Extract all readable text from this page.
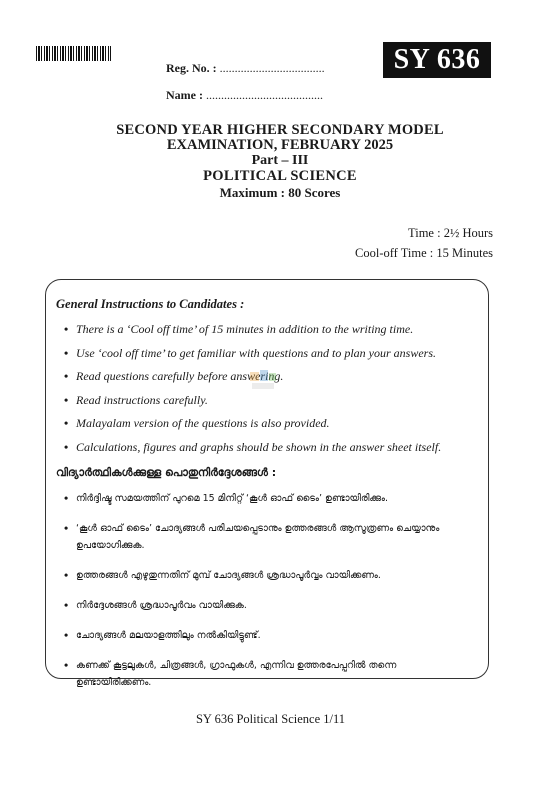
Reg. No. : ...................................
Name : .......................................
SY 636
SECOND YEAR HIGHER SECONDARY MODEL
EXAMINATION, FEBRUARY 2025
Part – III
POLITICAL SCIENCE
Maximum : 80 Scores
Time : 2½ Hours
Cool-off Time : 15 Minutes
General Instructions to Candidates :
• There is a ‘Cool off time’ of 15 minutes in addition to the writing time.
• Use ‘cool off time’ to get familiar with questions and to plan your answers.
• Read questions carefully before answering.
• Read instructions carefully.
• Malayalam version of the questions is also provided.
• Calculations, figures and graphs should be shown in the answer sheet itself.
വിദ്യാർത്ഥികൾക്കുള്ള പൊതുനിർദ്ദേശങ്ങൾ :
• നിർദ്ദിഷ്ട സമയത്തിന് പുറമെ 15 മിനിറ്റ് ‘കൂൾ ഓഫ് ടൈം’ ഉണ്ടായിരിക്കും.
• ‘കൂൾ ഓഫ് ടൈം’ ചോദ്യങ്ങൾ പരിചയപ്പെടാനും ഉത്തരങ്ങൾ ആസൂത്രണം ചെയ്യാനും ഉപയോഗിക്കുക.
• ഉത്തരങ്ങൾ എഴുതുന്നതിന് മുമ്പ് ചോദ്യങ്ങൾ ശ്രദ്ധാപൂർവ്വം വായിക്കണം.
• നിർദ്ദേശങ്ങൾ ശ്രദ്ധാപൂർവം വായിക്കുക.
• ചോദ്യങ്ങൾ മലയാളത്തിലും നൽകിയിട്ടുണ്ട്.
• കണക്ക് കൂട്ടലുകൾ, ചിത്രങ്ങൾ, ഗ്രാഫുകൾ, എന്നിവ ഉത്തരപേപ്പറിൽ തന്നെ ഉണ്ടായിരിക്കണം.
SY 636 Political Science 1/11
